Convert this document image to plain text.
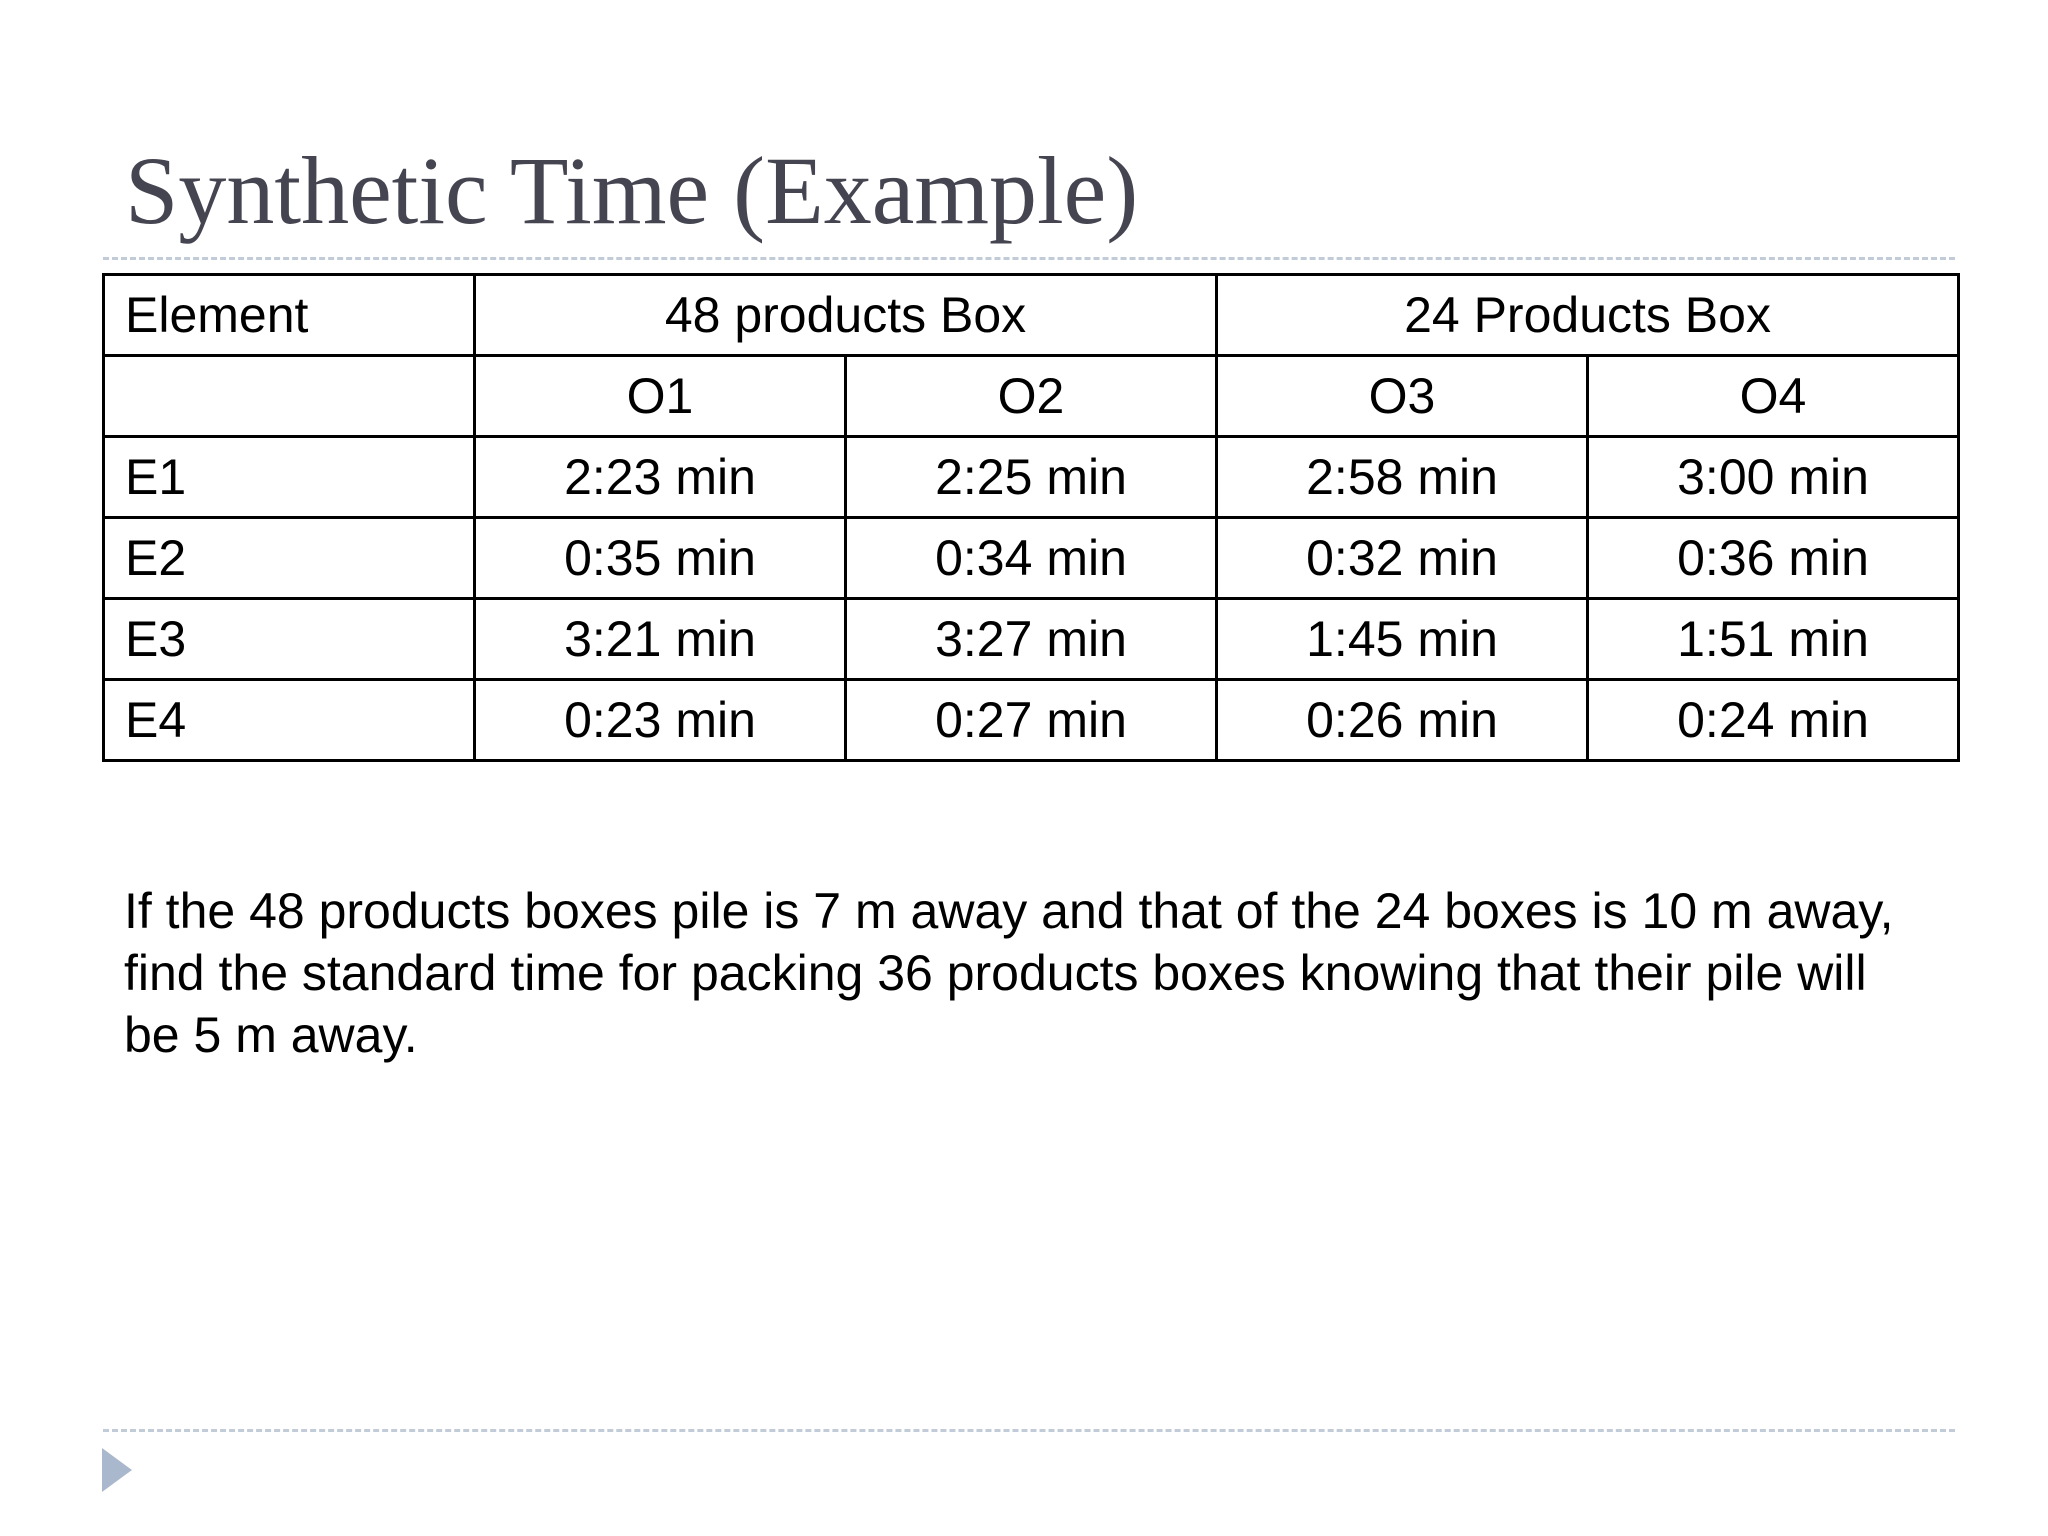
Synthetic Time (Example)
Element	48 products Box		24 Products Box	
	O1	O2	O3	O4
E1	2:23 min	2:25 min	2:58 min	3:00 min
E2	0:35 min	0:34 min	0:32 min	0:36 min
E3	3:21 min	3:27 min	1:45 min	1:51 min
E4	0:23 min	0:27 min	0:26 min	0:24 min

If the 48 products boxes pile is 7 m away and that of the 24 boxes is 10 m away, find the standard time for packing 36 products boxes knowing that their pile will be 5 m away.
